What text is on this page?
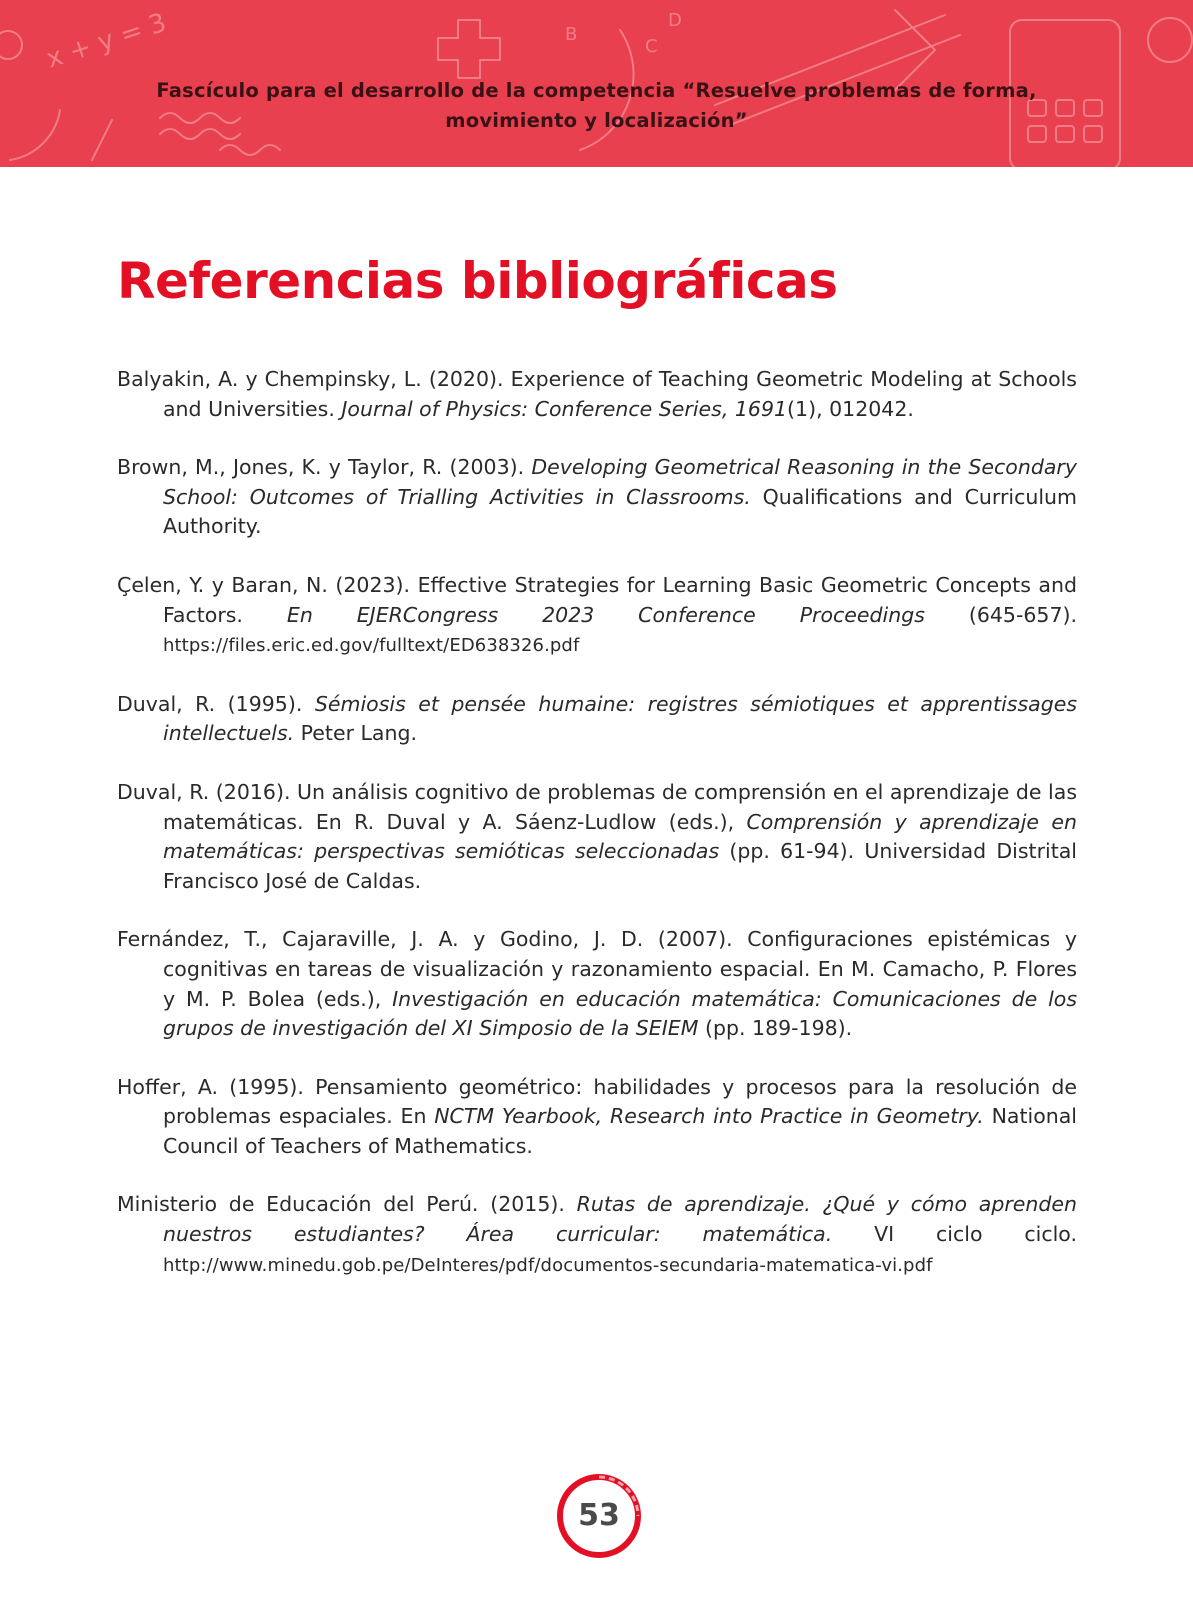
x + y = 3	B
C
D
Fascículo para el desarrollo de la competencia “Resuelve problemas de forma,
movimiento y localización”
Referencias bibliográficas

Balyakin, A. y Chempinsky, L. (2020). Experience of Teaching Geometric Modeling at Schools and Universities. Journal of Physics: Conference Series, 1691(1), 012042.

Brown, M., Jones, K. y Taylor, R. (2003). Developing Geometrical Reasoning in the Secondary School: Outcomes of Trialling Activities in Classrooms. Qualifications and Curriculum Authority.

Çelen, Y. y Baran, N. (2023). Effective Strategies for Learning Basic Geometric Concepts and Factors. En EJERCongress 2023 Conference Proceedings (645-657). https://files.eric.ed.gov/fulltext/ED638326.pdf

Duval, R. (1995). Sémiosis et pensée humaine: registres sémiotiques et apprentissages intellectuels. Peter Lang.

Duval, R. (2016). Un análisis cognitivo de problemas de comprensión en el aprendizaje de las matemáticas. En R. Duval y A. Sáenz-Ludlow (eds.), Comprensión y aprendizaje en matemáticas: perspectivas semióticas seleccionadas (pp. 61-94). Universidad Distrital Francisco José de Caldas.

Fernández, T., Cajaraville, J. A. y Godino, J. D. (2007). Configuraciones epistémicas y cognitivas en tareas de visualización y razonamiento espacial. En M. Camacho, P. Flores y M. P. Bolea (eds.), Investigación en educación matemática: Comunicaciones de los grupos de investigación del XI Simposio de la SEIEM (pp. 189-198).

Hoffer, A. (1995). Pensamiento geométrico: habilidades y procesos para la resolución de problemas espaciales. En NCTM Yearbook, Research into Practice in Geometry. National Council of Teachers of Mathematics.

Ministerio de Educación del Perú. (2015). Rutas de aprendizaje. ¿Qué y cómo aprenden nuestros estudiantes? Área curricular: matemática. VI ciclo ciclo. http://www.minedu.gob.pe/DeInteres/pdf/documentos-secundaria-matematica-vi.pdf

53
